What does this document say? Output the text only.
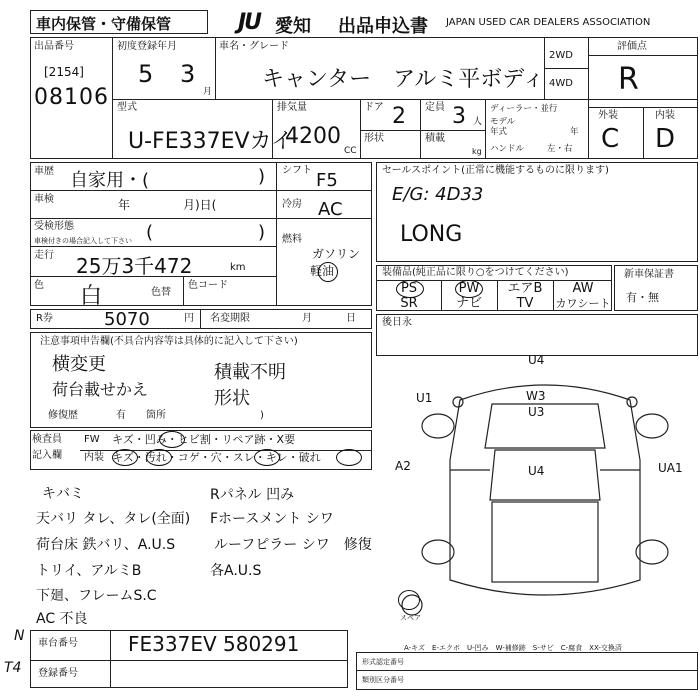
車内保管・守備保管	JU 愛知 出品申込書 JAPAN USED CAR DEALERS ASSOCIATION
出品番号
[2154]
08106
初度登録年月
5 3
月
車名・グレード
キャンター　アルミ平ボディ
2WD
4WD
評価点
R
型式
U-FE337EVカイ
排気量
4200
CC
ドア 2
形状
定員 3 人
積載
kg
ディーラー・並行
モデル
年式	年
ハンドル	左・右
外装	内装
C D
車歴 自家用・(	)
車検	年	月)日(
受検形態
車検付きの場合記入して下さい (	)
走行 25万3千472	km
色 白	色替
色コード
シフト F5
冷房 AC
燃料
ガソリン
軽油
R券	5070	円 名変期限	月	日
セールスポイント(正常に機能するものに限ります)
E/G: 4D33
LONG
装備品(純正品に限り○をつけてください)
PS	PW	エアB	AW
SR	ナビ	TV	カワシート
新車保証書
有・無
後日永
注意事項申告欄(不具合内容等は具体的に記入して下さい)
横変更
荷台載せかえ
積載不明
形状
修復歴	有 箇所	)
検査員
記入欄
FW キズ・凹み・ヒビ割・リペア跡・X要
内装 キズ・汚れ・コゲ・穴・スレ・キレ・破れ
キバミ
天バリ タレ、タレ(全面)
荷台床 鉄バリ、A.U.S
トリイ、アルミB
下廻、フレームS.C
AC 不良
Rパネル 凹み
Fホースメント シワ
ルーフピラー シワ　修復
各A.U.S
U4
U1	W3
U3
U4
A2	UA1
スペア
A-キズ　E-エクボ　U-凹み　W-補修跡　S-サビ　C-腐食　XX-交換済
車台番号	FE337EV 580291
登録番号
形式認定番号
類別区分番号
N
T4
